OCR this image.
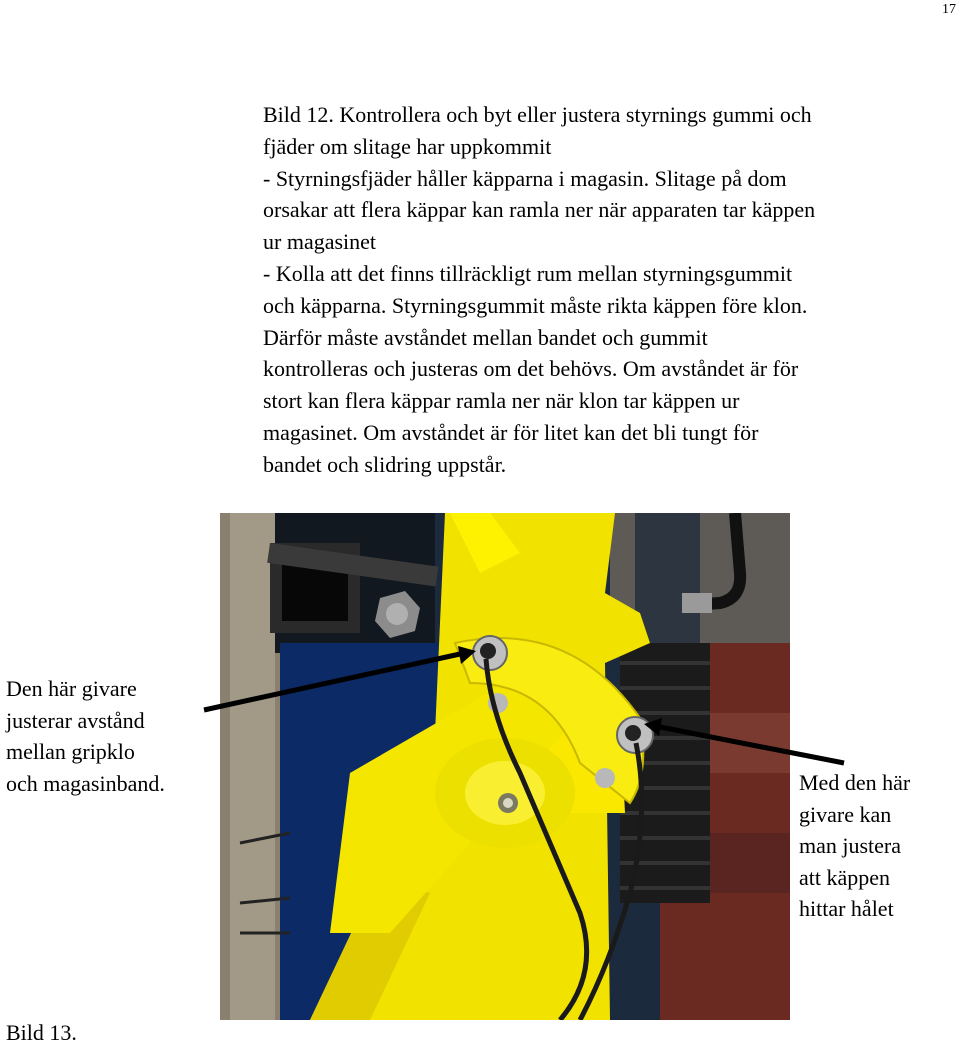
17

Bild 12. Kontrollera och byt eller justera styrnings gummi och

fjäder om slitage har uppkommit

- Styrningsfjäder håller käpparna i magasin. Slitage på dom

orsakar att flera käppar kan ramla ner när apparaten tar käppen

ur magasinet

- Kolla att det finns tillräckligt rum mellan styrningsgummit

och käpparna. Styrningsgummit måste rikta käppen före klon.

Därför måste avståndet mellan bandet och gummit

kontrolleras och justeras om det behövs. Om avståndet är för

stort kan flera käppar ramla ner när klon tar käppen ur

magasinet. Om avståndet är för litet kan det bli tungt för

bandet och slidring uppstår.

Den här givare
justerar avstånd
mellan gripklo
och magasinband.	Med den här
givare kan
man justera
att käppen
hittar hålet
Bild 13.
